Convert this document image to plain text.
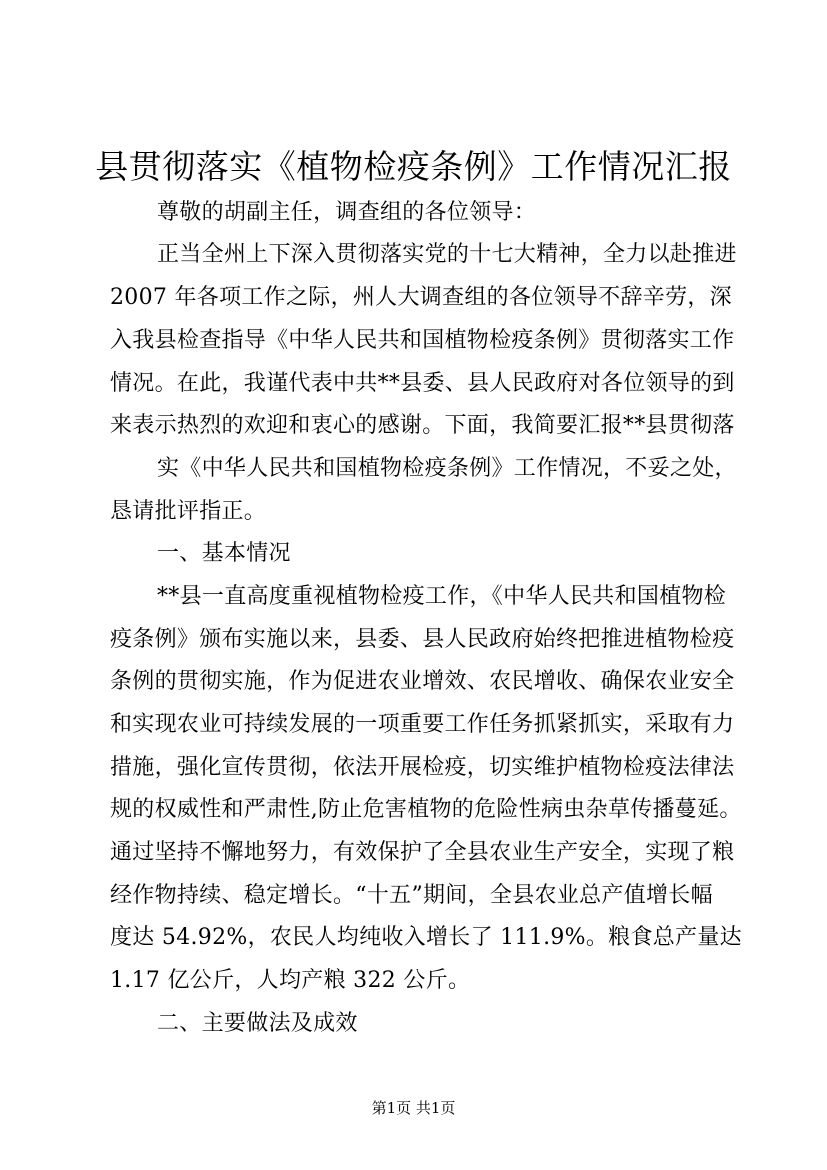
县贯彻落实《植物检疫条例》工作情况汇报
尊敬的胡副主任，调查组的各位领导：
正当全州上下深入贯彻落实党的十七大精神，全力以赴推进
2007 年各项工作之际，州人大调查组的各位领导不辞辛劳，深
入我县检查指导《中华人民共和国植物检疫条例》贯彻落实工作
情况。在此，我谨代表中共**县委、县人民政府对各位领导的到
来表示热烈的欢迎和衷心的感谢。下面，我简要汇报**县贯彻落
实《中华人民共和国植物检疫条例》工作情况，不妥之处，
恳请批评指正。
一、基本情况
**县一直高度重视植物检疫工作，《中华人民共和国植物检
疫条例》颁布实施以来，县委、县人民政府始终把推进植物检疫
条例的贯彻实施，作为促进农业增效、农民增收、确保农业安全
和实现农业可持续发展的一项重要工作任务抓紧抓实，采取有力
措施，强化宣传贯彻，依法开展检疫，切实维护植物检疫法律法
规的权威性和严肃性,防止危害植物的危险性病虫杂草传播蔓延。
通过坚持不懈地努力，有效保护了全县农业生产安全，实现了粮
经作物持续、稳定增长。“十五”期间，全县农业总产值增长幅
度达 54.92%，农民人均纯收入增长了 111.9%。粮食总产量达
1.17 亿公斤，人均产粮 322 公斤。
二、主要做法及成效
第1页 共1页
